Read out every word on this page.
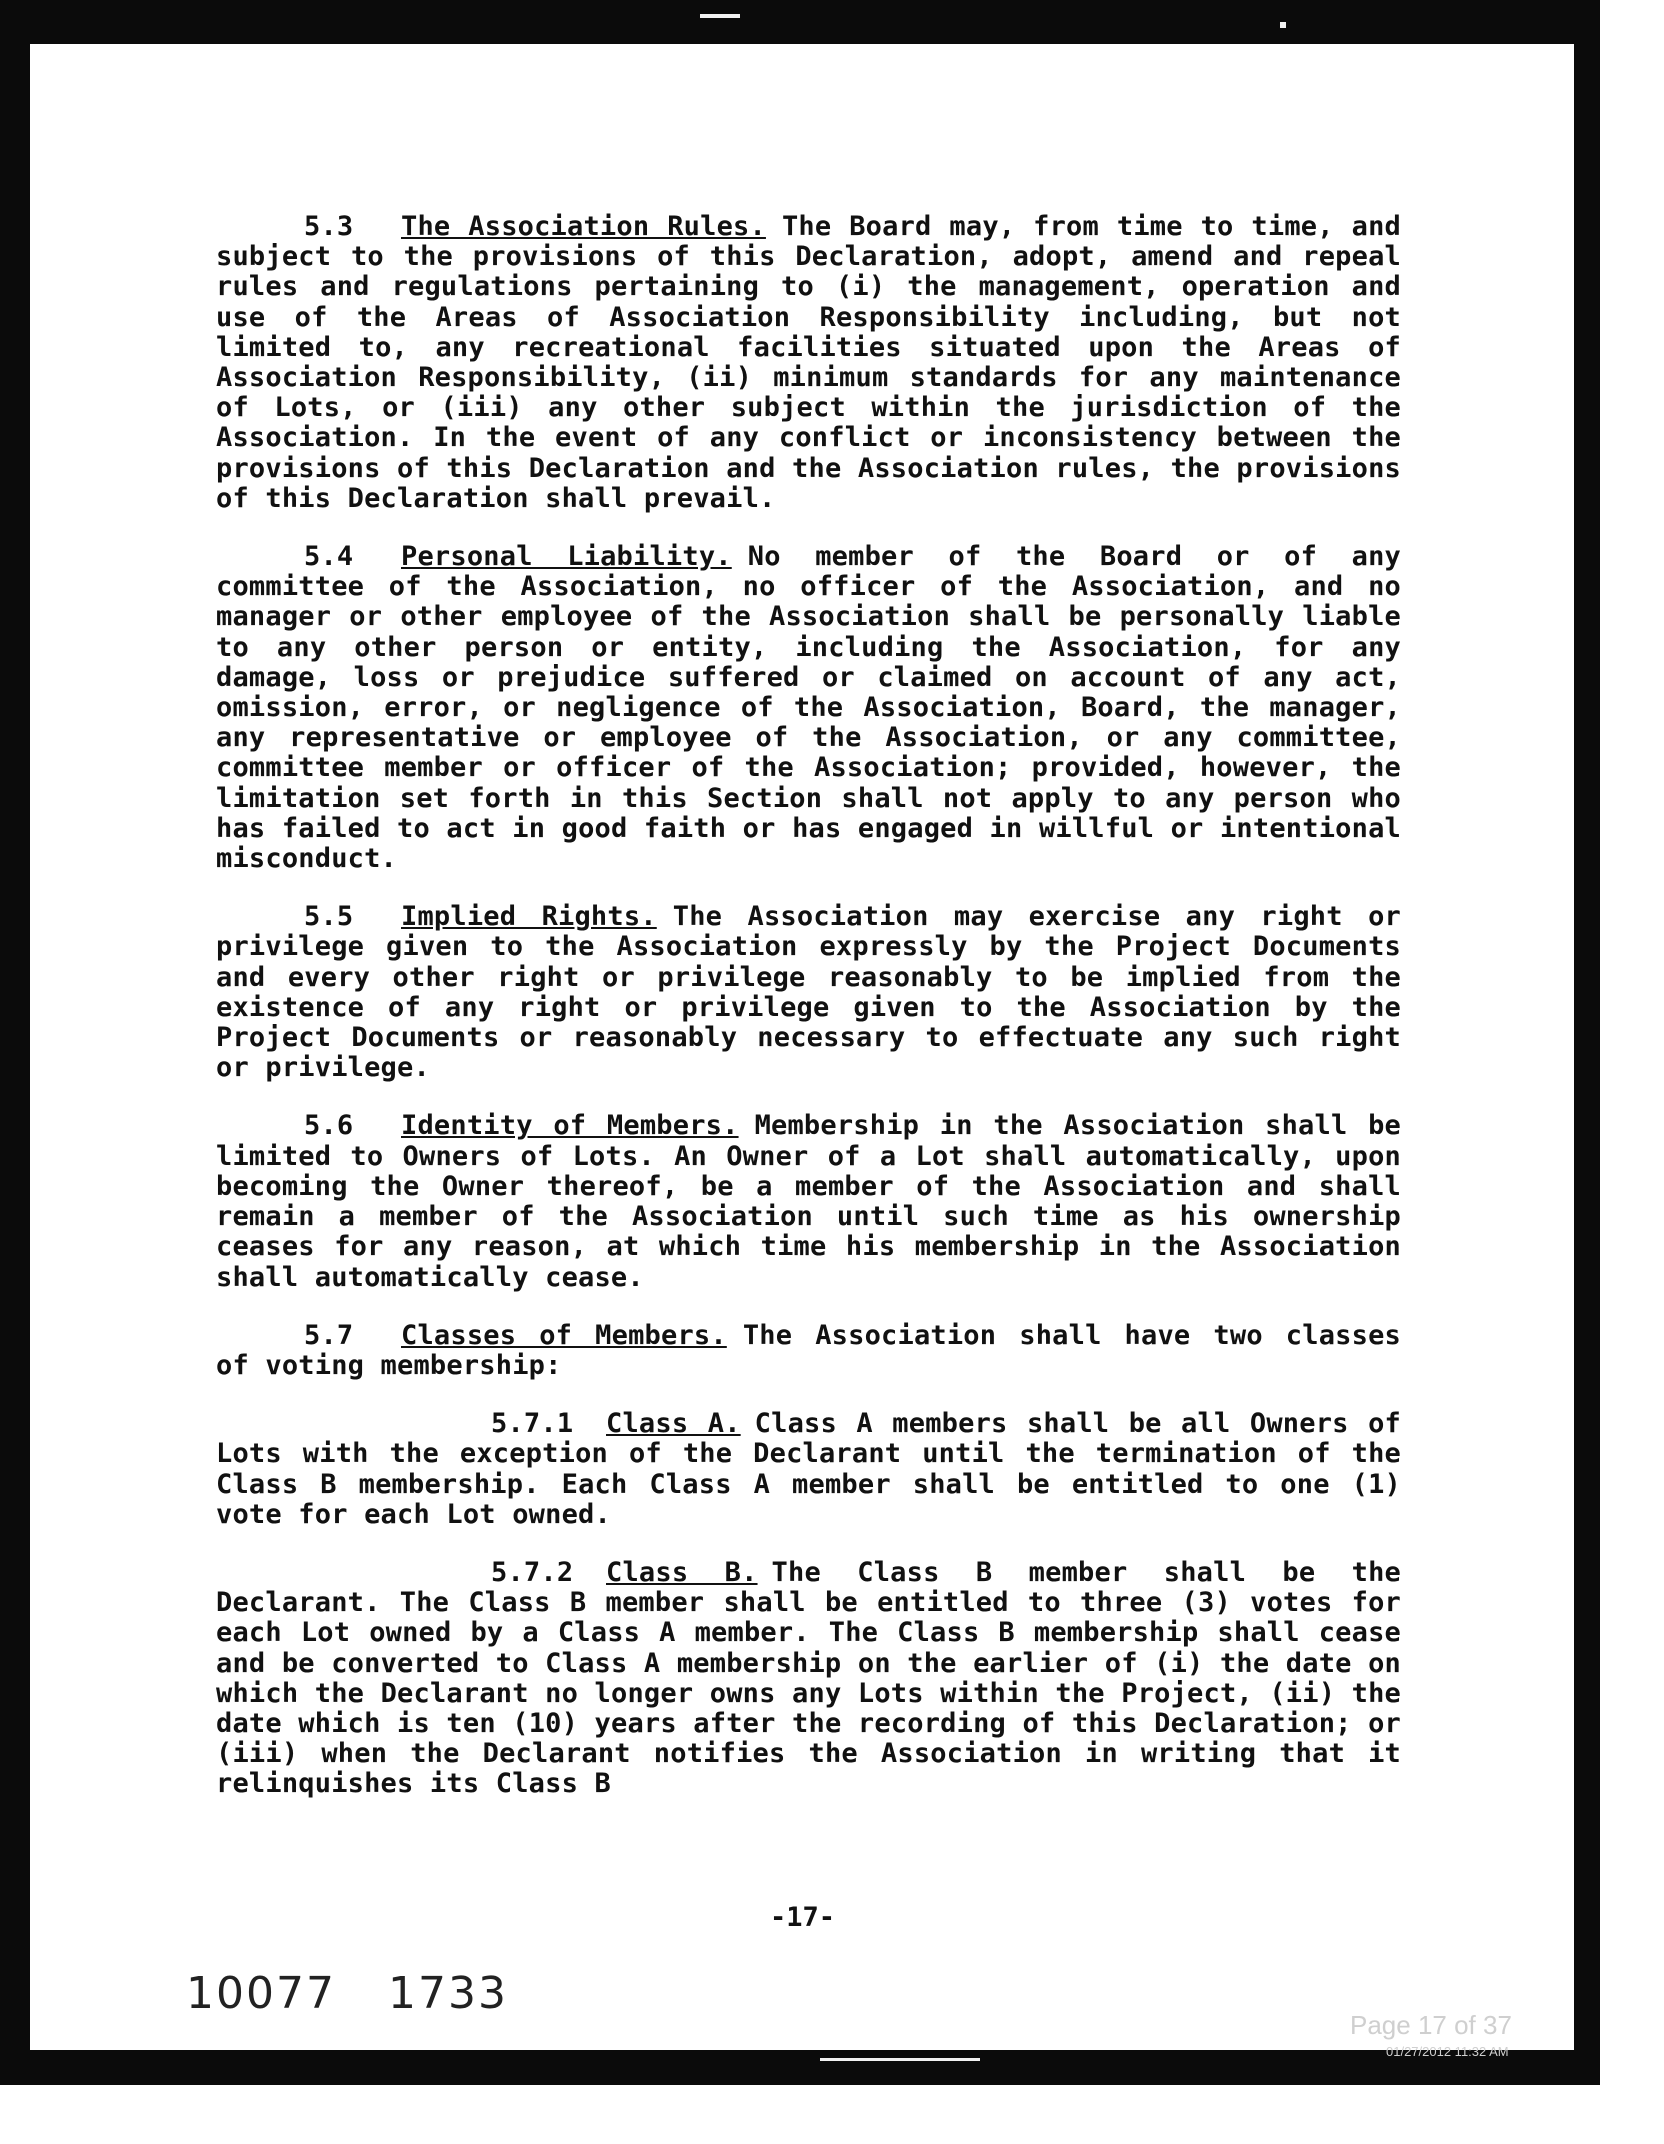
5.3 The Association Rules. The Board may, from time to time, and subject to the provisions of this Declaration, adopt, amend and repeal rules and regulations pertaining to (i) the management, operation and use of the Areas of Association Responsibility including, but not limited to, any recreational facilities situated upon the Areas of Association Responsibility, (ii) minimum standards for any maintenance of Lots, or (iii) any other subject within the jurisdiction of the Association. In the event of any conflict or inconsistency between the provisions of this Declaration and the Association rules, the provisions of this Declaration shall prevail.

5.4 Personal Liability. No member of the Board or of any committee of the Association, no officer of the Association, and no manager or other employee of the Association shall be personally liable to any other person or entity, including the Association, for any damage, loss or prejudice suffered or claimed on account of any act, omission, error, or negligence of the Association, Board, the manager, any representative or employee of the Association, or any committee, committee member or officer of the Association; provided, however, the limitation set forth in this Section shall not apply to any person who has failed to act in good faith or has engaged in willful or intentional misconduct.

5.5 Implied Rights. The Association may exercise any right or privilege given to the Association expressly by the Project Documents and every other right or privilege reasonably to be implied from the existence of any right or privilege given to the Association by the Project Documents or reasonably necessary to effectuate any such right or privilege.

5.6 Identity of Members. Membership in the Association shall be limited to Owners of Lots. An Owner of a Lot shall automatically, upon becoming the Owner thereof, be a member of the Association and shall remain a member of the Association until such time as his ownership ceases for any reason, at which time his membership in the Association shall automatically cease.

5.7 Classes of Members. The Association shall have two classes of voting membership:

5.7.1 Class A. Class A members shall be all Owners of Lots with the exception of the Declarant until the termination of the Class B membership. Each Class A member shall be entitled to one (1) vote for each Lot owned.

5.7.2 Class B. The Class B member shall be the Declarant. The Class B member shall be entitled to three (3) votes for each Lot owned by a Class A member. The Class B membership shall cease and be converted to Class A membership on the earlier of (i) the date on which the Declarant no longer owns any Lots within the Project, (ii) the date which is ten (10) years after the recording of this Declaration; or (iii) when the Declarant notifies the Association in writing that it relinquishes its Class B

-17-
10077 1733
Page 17 of 37
01/27/2012 11:32 AM
